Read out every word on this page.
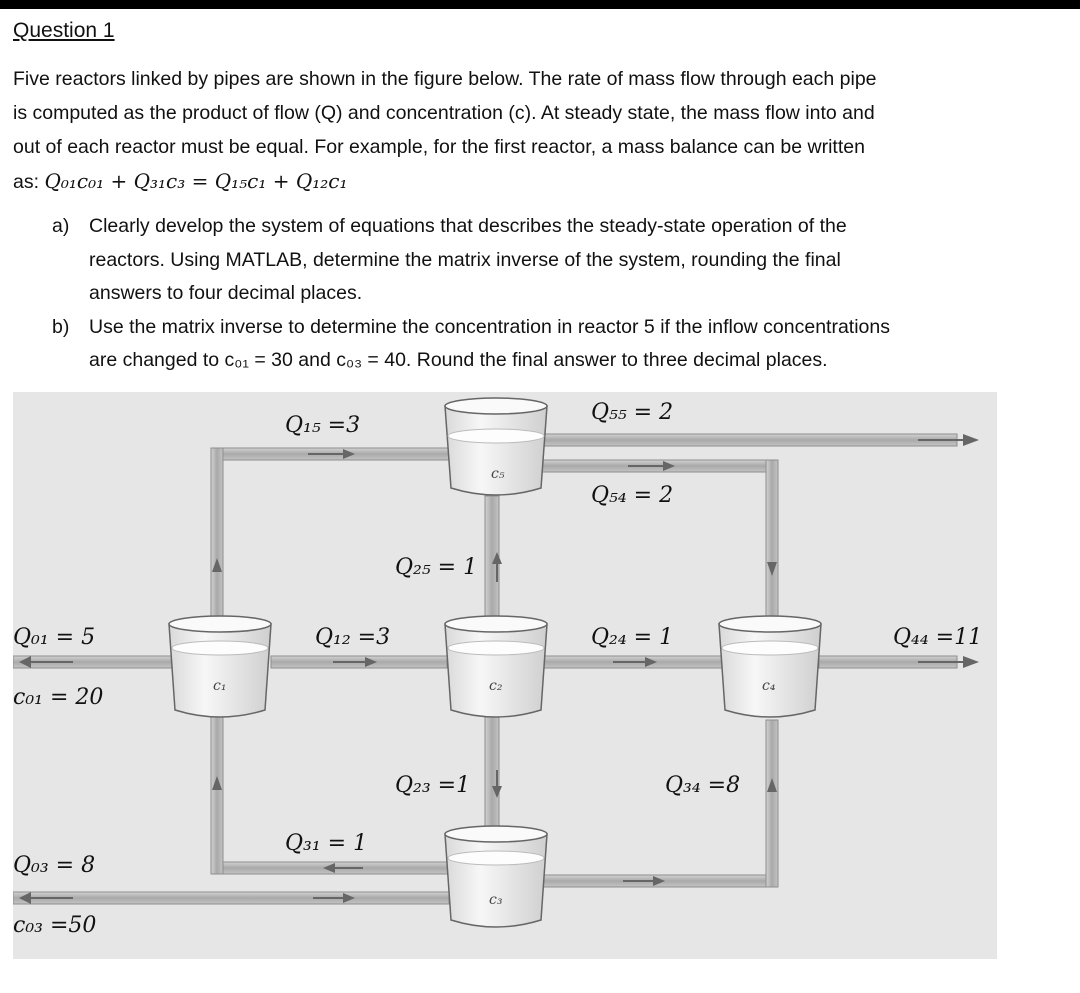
Question 1
Five reactors linked by pipes are shown in the figure below. The rate of mass flow through each pipe
is computed as the product of flow (Q) and concentration (c). At steady state, the mass flow into and
out of each reactor must be equal. For example, for the first reactor, a mass balance can be written
as: Q₀₁c₀₁ + Q₃₁c₃ = Q₁₅c₁ + Q₁₂c₁
a) Clearly develop the system of equations that describes the steady-state operation of the
reactors. Using MATLAB, determine the matrix inverse of the system, rounding the final
answers to four decimal places.
b) Use the matrix inverse to determine the concentration in reactor 5 if the inflow concentrations
are changed to c₀₁ = 30 and c₀₃ = 40. Round the final answer to three decimal places.
c₅
c₁	c₂	c₄
c₃
Q₁₅ =3
Q₅₅ = 2
Q₅₄ = 2
Q₂₅ = 1
Q₀₁ = 5
c₀₁ = 20
Q₁₂ =3	Q₂₄ = 1	Q₄₄ =11
Q₂₃ =1	Q₃₄ =8
Q₃₁ = 1
Q₀₃ = 8
c₀₃ =50
